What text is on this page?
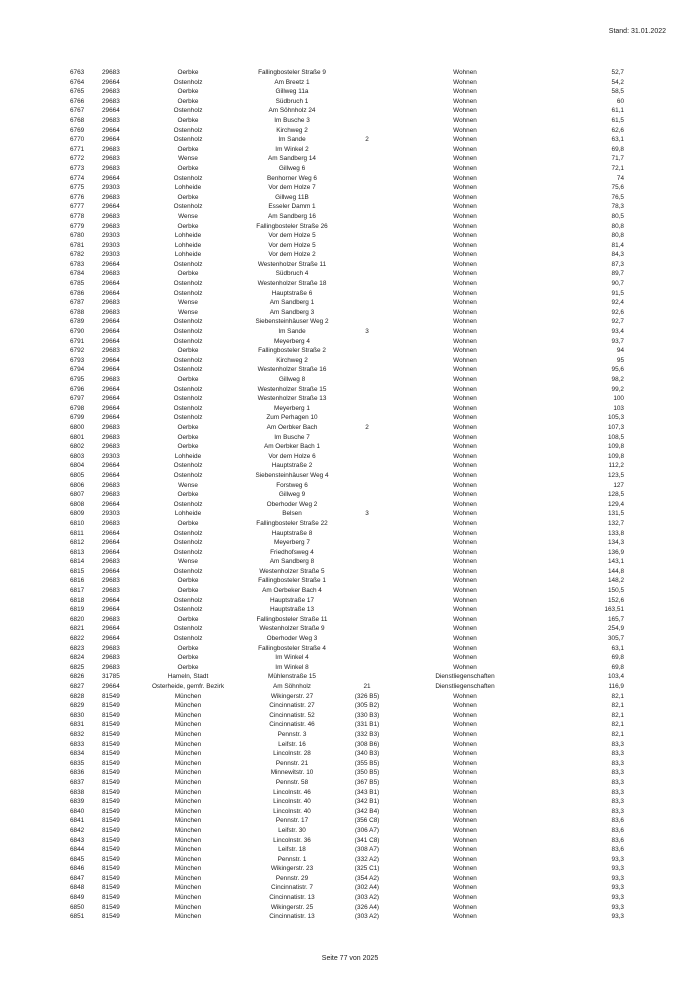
Stand: 31.01.2022
6763	29683	Oerbke	Fallingbosteler Straße 9			Wohnen	52,7
6764	29664	Ostenholz	Am Breetz 1			Wohnen	54,2
6765	29683	Oerbke	Gillweg 11a			Wohnen	58,5
6766	29683	Oerbke	Südbruch 1			Wohnen	60
6767	29664	Ostenholz	Am Söhnholz 24			Wohnen	61,1
6768	29683	Oerbke	Im Busche 3			Wohnen	61,5
6769	29664	Ostenholz	Kirchweg 2			Wohnen	62,6
6770	29664	Ostenholz	Im Sande	2		Wohnen	63,1
6771	29683	Oerbke	Im Winkel 2			Wohnen	69,8
6772	29683	Wense	Am Sandberg 14			Wohnen	71,7
6773	29683	Oerbke	Gillweg 6			Wohnen	72,1
6774	29664	Ostenholz	Benhorner Weg 6			Wohnen	74
6775	29303	Lohheide	Vor dem Holze 7			Wohnen	75,6
6776	29683	Oerbke	Gillweg 11B			Wohnen	76,5
6777	29664	Ostenholz	Esseler Damm 1			Wohnen	78,3
6778	29683	Wense	Am Sandberg 16			Wohnen	80,5
6779	29683	Oerbke	Fallingbosteler Straße 26			Wohnen	80,8
6780	29303	Lohheide	Vor dem Holze 5			Wohnen	80,8
6781	29303	Lohheide	Vor dem Holze 5			Wohnen	81,4
6782	29303	Lohheide	Vor dem Holze 2			Wohnen	84,3
6783	29664	Ostenholz	Westenholzer Straße 11			Wohnen	87,3
6784	29683	Oerbke	Südbruch 4			Wohnen	89,7
6785	29664	Ostenholz	Westenholzer Straße 18			Wohnen	90,7
6786	29664	Ostenholz	Hauptstraße 6			Wohnen	91,5
6787	29683	Wense	Am Sandberg 1			Wohnen	92,4
6788	29683	Wense	Am Sandberg 3			Wohnen	92,6
6789	29664	Ostenholz	Siebensteinhäuser Weg 2			Wohnen	92,7
6790	29664	Ostenholz	Im Sande	3		Wohnen	93,4
6791	29664	Ostenholz	Meyerberg 4			Wohnen	93,7
6792	29683	Oerbke	Fallingbosteler Straße 2			Wohnen	94
6793	29664	Ostenholz	Kirchweg 2			Wohnen	95
6794	29664	Ostenholz	Westenholzer Straße 16			Wohnen	95,6
6795	29683	Oerbke	Gillweg 8			Wohnen	98,2
6796	29664	Ostenholz	Westenholzer Straße 15			Wohnen	99,2
6797	29664	Ostenholz	Westenholzer Straße 13			Wohnen	100
6798	29664	Ostenholz	Meyerberg 1			Wohnen	103
6799	29664	Ostenholz	Zum Perhagen 10			Wohnen	105,3
6800	29683	Oerbke	Am Oerbker Bach	2		Wohnen	107,3
6801	29683	Oerbke	Im Busche 7			Wohnen	108,5
6802	29683	Oerbke	Am Oerbker Bach 1			Wohnen	109,8
6803	29303	Lohheide	Vor dem Holze 6			Wohnen	109,8
6804	29664	Ostenholz	Hauptstraße 2			Wohnen	112,2
6805	29664	Ostenholz	Siebensteinhäuser Weg 4			Wohnen	123,5
6806	29683	Wense	Forstweg 6			Wohnen	127
6807	29683	Oerbke	Gillweg 9			Wohnen	128,5
6808	29664	Ostenholz	Oberhoder Weg 2			Wohnen	129,4
6809	29303	Lohheide	Belsen	3		Wohnen	131,5
6810	29683	Oerbke	Fallingbosteler Straße 22			Wohnen	132,7
6811	29664	Ostenholz	Hauptstraße 8			Wohnen	133,8
6812	29664	Ostenholz	Meyerberg 7			Wohnen	134,3
6813	29664	Ostenholz	Friedhofsweg 4			Wohnen	136,9
6814	29683	Wense	Am Sandberg 8			Wohnen	143,1
6815	29664	Ostenholz	Westenholzer Straße 5			Wohnen	144,8
6816	29683	Oerbke	Fallingbosteler Straße 1			Wohnen	148,2
6817	29683	Oerbke	Am Oerbeker Bach 4			Wohnen	150,5
6818	29664	Ostenholz	Hauptstraße 17			Wohnen	152,6
6819	29664	Ostenholz	Hauptstraße 13			Wohnen	163,51
6820	29683	Oerbke	Fallingbosteler Straße 11			Wohnen	165,7
6821	29664	Ostenholz	Westenholzer Straße 9			Wohnen	254,9
6822	29664	Ostenholz	Oberhoder Weg 3			Wohnen	305,7
6823	29683	Oerbke	Fallingbosteler Straße 4			Wohnen	63,1
6824	29683	Oerbke	Im Winkel 4			Wohnen	69,8
6825	29683	Oerbke	Im Winkel 8			Wohnen	69,8
6826	31785	Hameln, Stadt	Mühlenstraße 15			Dienstliegenschaften	103,4
6827	29664	Osterheide, gemfr. Bezirk	Am Söhnholz	21		Dienstliegenschaften	116,9
6828	81549	München	Wikingerstr. 27	(326 B5)		Wohnen	82,1
6829	81549	München	Cincinnatistr. 27	(305 B2)		Wohnen	82,1
6830	81549	München	Cincinnatistr. 52	(330 B3)		Wohnen	82,1
6831	81549	München	Cincinnatistr. 46	(331 B1)		Wohnen	82,1
6832	81549	München	Pennstr. 3	(332 B3)		Wohnen	82,1
6833	81549	München	Leifstr. 16	(308 B6)		Wohnen	83,3
6834	81549	München	Lincolnstr. 28	(340 B3)		Wohnen	83,3
6835	81549	München	Pennstr. 21	(355 B5)		Wohnen	83,3
6836	81549	München	Minnewitstr. 10	(350 B5)		Wohnen	83,3
6837	81549	München	Pennstr. 58	(367 B5)		Wohnen	83,3
6838	81549	München	Lincolnstr. 46	(343 B1)		Wohnen	83,3
6839	81549	München	Lincolnstr. 40	(342 B1)		Wohnen	83,3
6840	81549	München	Lincolnstr. 40	(342 B4)		Wohnen	83,3
6841	81549	München	Pennstr. 17	(356 C8)		Wohnen	83,6
6842	81549	München	Leifstr. 30	(306 A7)		Wohnen	83,6
6843	81549	München	Lincolnstr. 36	(341 C8)		Wohnen	83,6
6844	81549	München	Leifstr. 18	(308 A7)		Wohnen	83,6
6845	81549	München	Pennstr. 1	(332 A2)		Wohnen	93,3
6846	81549	München	Wikingerstr. 23	(325 C1)		Wohnen	93,3
6847	81549	München	Pennstr. 29	(354 A2)		Wohnen	93,3
6848	81549	München	Cincinnatistr. 7	(302 A4)		Wohnen	93,3
6849	81549	München	Cincinnatistr. 13	(303 A2)		Wohnen	93,3
6850	81549	München	Wikingerstr. 25	(326 A4)		Wohnen	93,3
6851	81549	München	Cincinnatistr. 13	(303 A2)		Wohnen	93,3
Seite 77 von 2025
